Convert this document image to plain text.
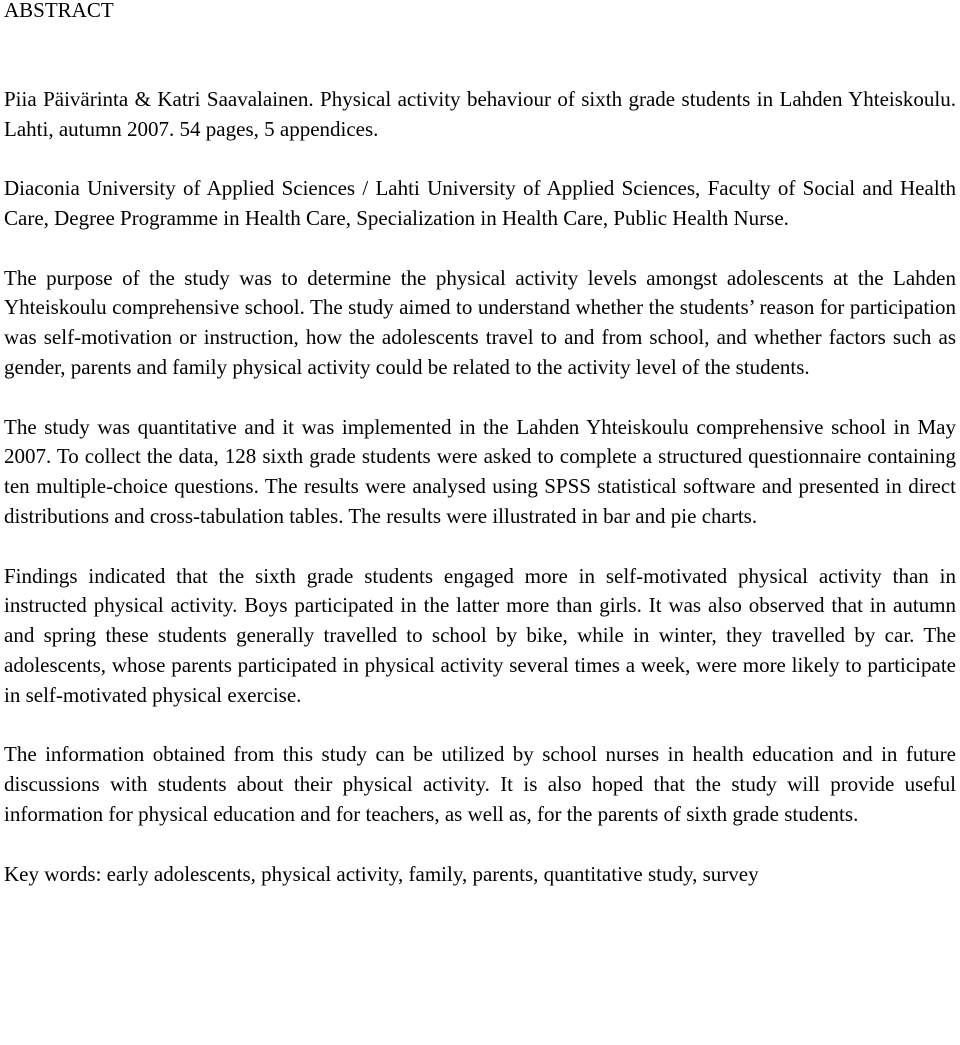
ABSTRACT

Piia Päivärinta & Katri Saavalainen. Physical activity behaviour of sixth grade students in Lahden Yhteiskoulu. Lahti, autumn 2007. 54 pages, 5 appendices.

Diaconia University of Applied Sciences / Lahti University of Applied Sciences, Faculty of Social and Health Care, Degree Programme in Health Care, Specialization in Health Care, Public Health Nurse.

The purpose of the study was to determine the physical activity levels amongst adolescents at the Lahden Yhteiskoulu comprehensive school. The study aimed to understand whether the students’ reason for participation was self-motivation or instruction, how the adolescents travel to and from school, and whether factors such as gender, parents and family physical activity could be related to the activity level of the students.

The study was quantitative and it was implemented in the Lahden Yhteiskoulu comprehensive school in May 2007. To collect the data, 128 sixth grade students were asked to complete a structured questionnaire containing ten multiple-choice questions. The results were analysed using SPSS statistical software and presented in direct distributions and cross-tabulation tables. The results were illustrated in bar and pie charts.

Findings indicated that the sixth grade students engaged more in self-motivated physical activity than in instructed physical activity. Boys participated in the latter more than girls. It was also observed that in autumn and spring these students generally travelled to school by bike, while in winter, they travelled by car. The adolescents, whose parents participated in physical activity several times a week, were more likely to participate in self-motivated physical exercise.

The information obtained from this study can be utilized by school nurses in health education and in future discussions with students about their physical activity. It is also hoped that the study will provide useful information for physical education and for teachers, as well as, for the parents of sixth grade students.

Key words: early adolescents, physical activity, family, parents, quantitative study, survey
